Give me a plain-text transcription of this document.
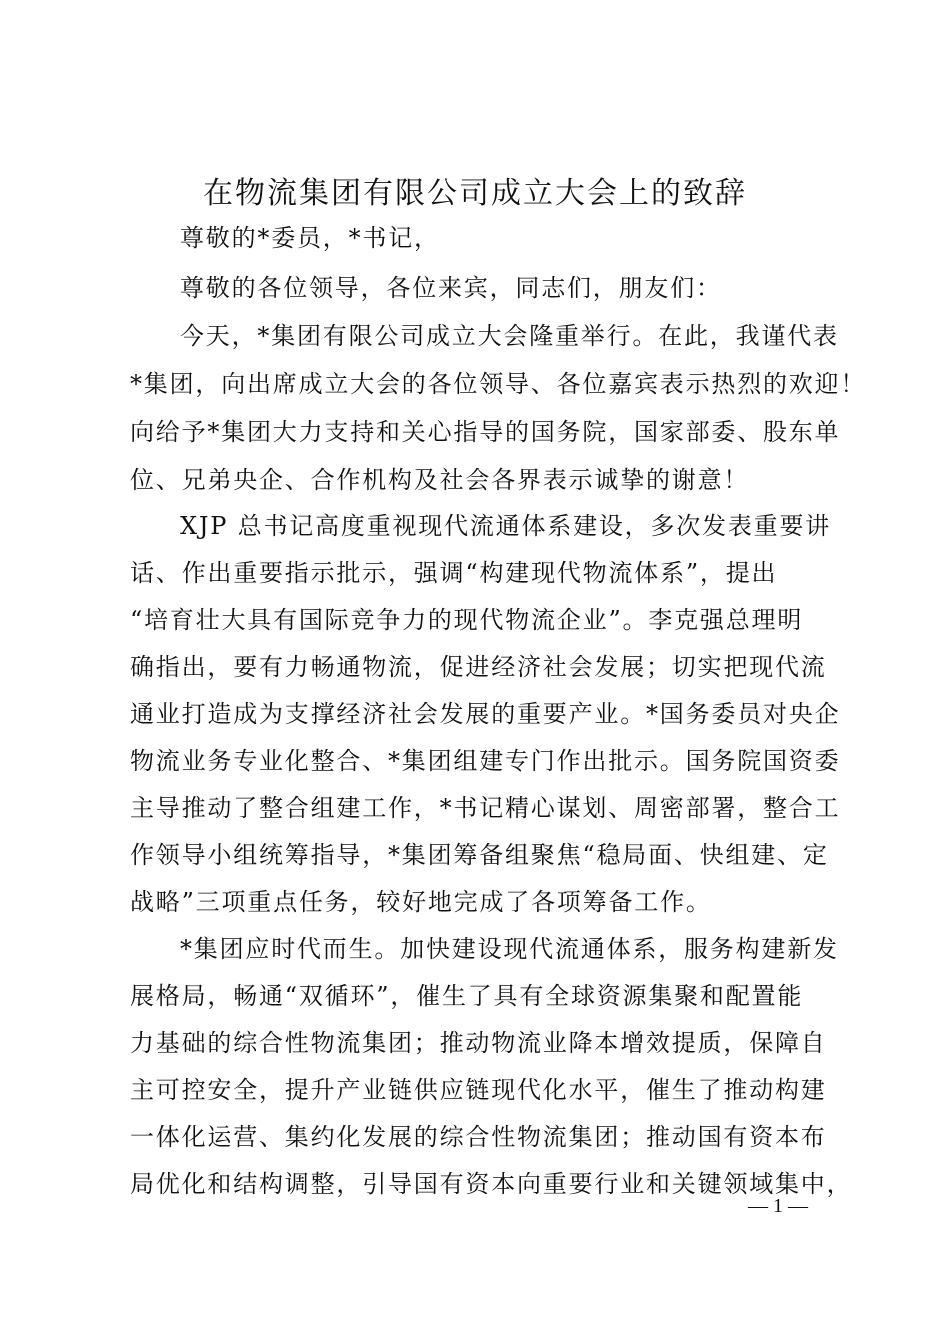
在物流集团有限公司成立大会上的致辞
尊敬的*委员，*书记，
尊敬的各位领导，各位来宾，同志们，朋友们：
今天，*集团有限公司成立大会隆重举行。在此，我谨代表
*集团，向出席成立大会的各位领导、各位嘉宾表示热烈的欢迎！
向给予*集团大力支持和关心指导的国务院，国家部委、股东单
位、兄弟央企、合作机构及社会各界表示诚挚的谢意！
XJP 总书记高度重视现代流通体系建设，多次发表重要讲
话、作出重要指示批示，强调“构建现代物流体系”，提出
“培育壮大具有国际竞争力的现代物流企业”。李克强总理明
确指出，要有力畅通物流，促进经济社会发展；切实把现代流
通业打造成为支撑经济社会发展的重要产业。*国务委员对央企
物流业务专业化整合、*集团组建专门作出批示。国务院国资委
主导推动了整合组建工作，*书记精心谋划、周密部署，整合工
作领导小组统筹指导，*集团筹备组聚焦“稳局面、快组建、定
战略”三项重点任务，较好地完成了各项筹备工作。
*集团应时代而生。加快建设现代流通体系，服务构建新发
展格局，畅通“双循环”，催生了具有全球资源集聚和配置能
力基础的综合性物流集团；推动物流业降本增效提质，保障自
主可控安全，提升产业链供应链现代化水平，催生了推动构建
一体化运营、集约化发展的综合性物流集团；推动国有资本布
局优化和结构调整，引导国有资本向重要行业和关键领域集中，
— 1 —
